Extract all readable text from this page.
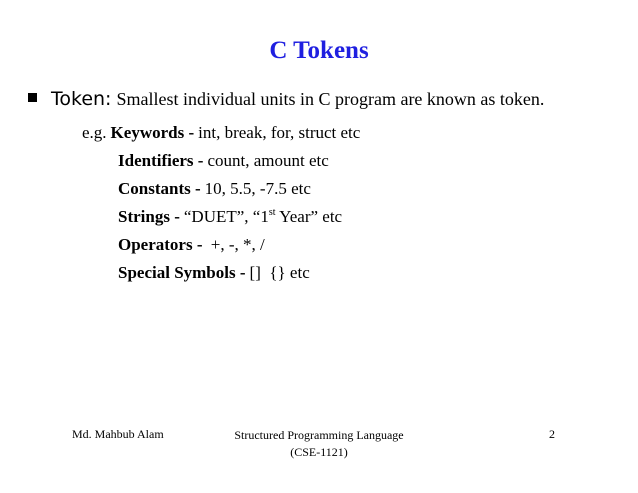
C Tokens
Token: Smallest individual units in C program are known as token.
e.g. Keywords - int, break, for, struct etc
Identifiers - count, amount etc
Constants - 10, 5.5, -7.5 etc
Strings - “DUET”, “1st Year” etc
Operators - +, -, *, /
Special Symbols - []  {} etc
Md. Mahbub Alam	Structured Programming Language
(CSE-1121)
2
